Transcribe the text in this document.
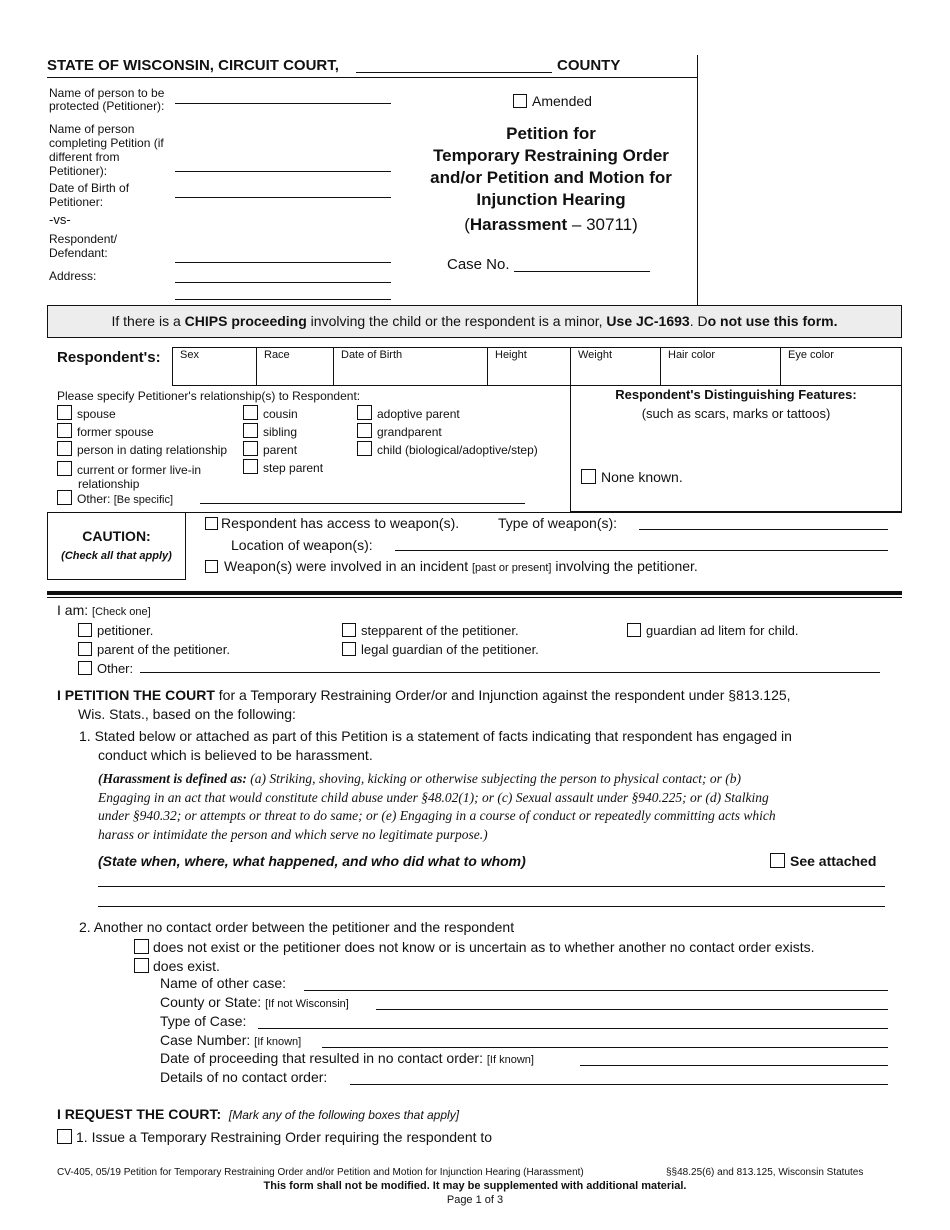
STATE OF WISCONSIN, CIRCUIT COURT,	COUNTY
Name of person to be protected (Petitioner):
Name of person completing Petition (if different from Petitioner):
Date of Birth of Petitioner:
-vs-
Respondent/ Defendant:
Address:
Amended
Petition for
Temporary Restraining Order
and/or Petition and Motion for
Injunction Hearing
(Harassment – 30711)
Case No.
If there is a CHIPS proceeding involving the child or the respondent is a minor, Use JC-1693. Do not use this form.
Respondent's: Sex	Race	Date of Birth	Height	Weight	Hair color	Eye color
Please specify Petitioner's relationship(s) to Respondent:
spouse
former spouse
person in dating relationship
current or former live-in
relationship
cousin
sibling
parent
step parent
adoptive parent
grandparent
child (biological/adoptive/step)
Other: [Be specific]
Respondent's Distinguishing Features:
(such as scars, marks or tattoos)
None known.
CAUTION:
(Check all that apply)
Respondent has access to weapon(s).	Type of weapon(s):
Location of weapon(s):
Weapon(s) were involved in an incident [past or present] involving the petitioner.
I am: [Check one]
petitioner.
parent of the petitioner.
Other:
stepparent of the petitioner.
legal guardian of the petitioner.
guardian ad litem for child.
I PETITION THE COURT for a Temporary Restraining Order/or and Injunction against the respondent under §813.125,
Wis. Stats., based on the following:
1. Stated below or attached as part of this Petition is a statement of facts indicating that respondent has engaged in
conduct which is believed to be harassment.
(Harassment is defined as: (a) Striking, shoving, kicking or otherwise subjecting the person to physical contact; or (b)
Engaging in an act that would constitute child abuse under §48.02(1); or (c) Sexual assault under §940.225; or (d) Stalking
under §940.32; or attempts or threat to do same; or (e) Engaging in a course of conduct or repeatedly committing acts which
harass or intimidate the person and which serve no legitimate purpose.)
(State when, where, what happened, and who did what to whom)	See attached
2. Another no contact order between the petitioner and the respondent
does not exist or the petitioner does not know or is uncertain as to whether another no contact order exists.
does exist.
Name of other case:
County or State: [If not Wisconsin]
Type of Case:
Case Number: [If known]
Date of proceeding that resulted in no contact order: [If known]
Details of no contact order:
I REQUEST THE COURT: [Mark any of the following boxes that apply]
1. Issue a Temporary Restraining Order requiring the respondent to
CV-405, 05/19 Petition for Temporary Restraining Order and/or Petition and Motion for Injunction Hearing (Harassment)	§§48.25(6) and 813.125, Wisconsin Statutes
This form shall not be modified. It may be supplemented with additional material.
Page 1 of 3
